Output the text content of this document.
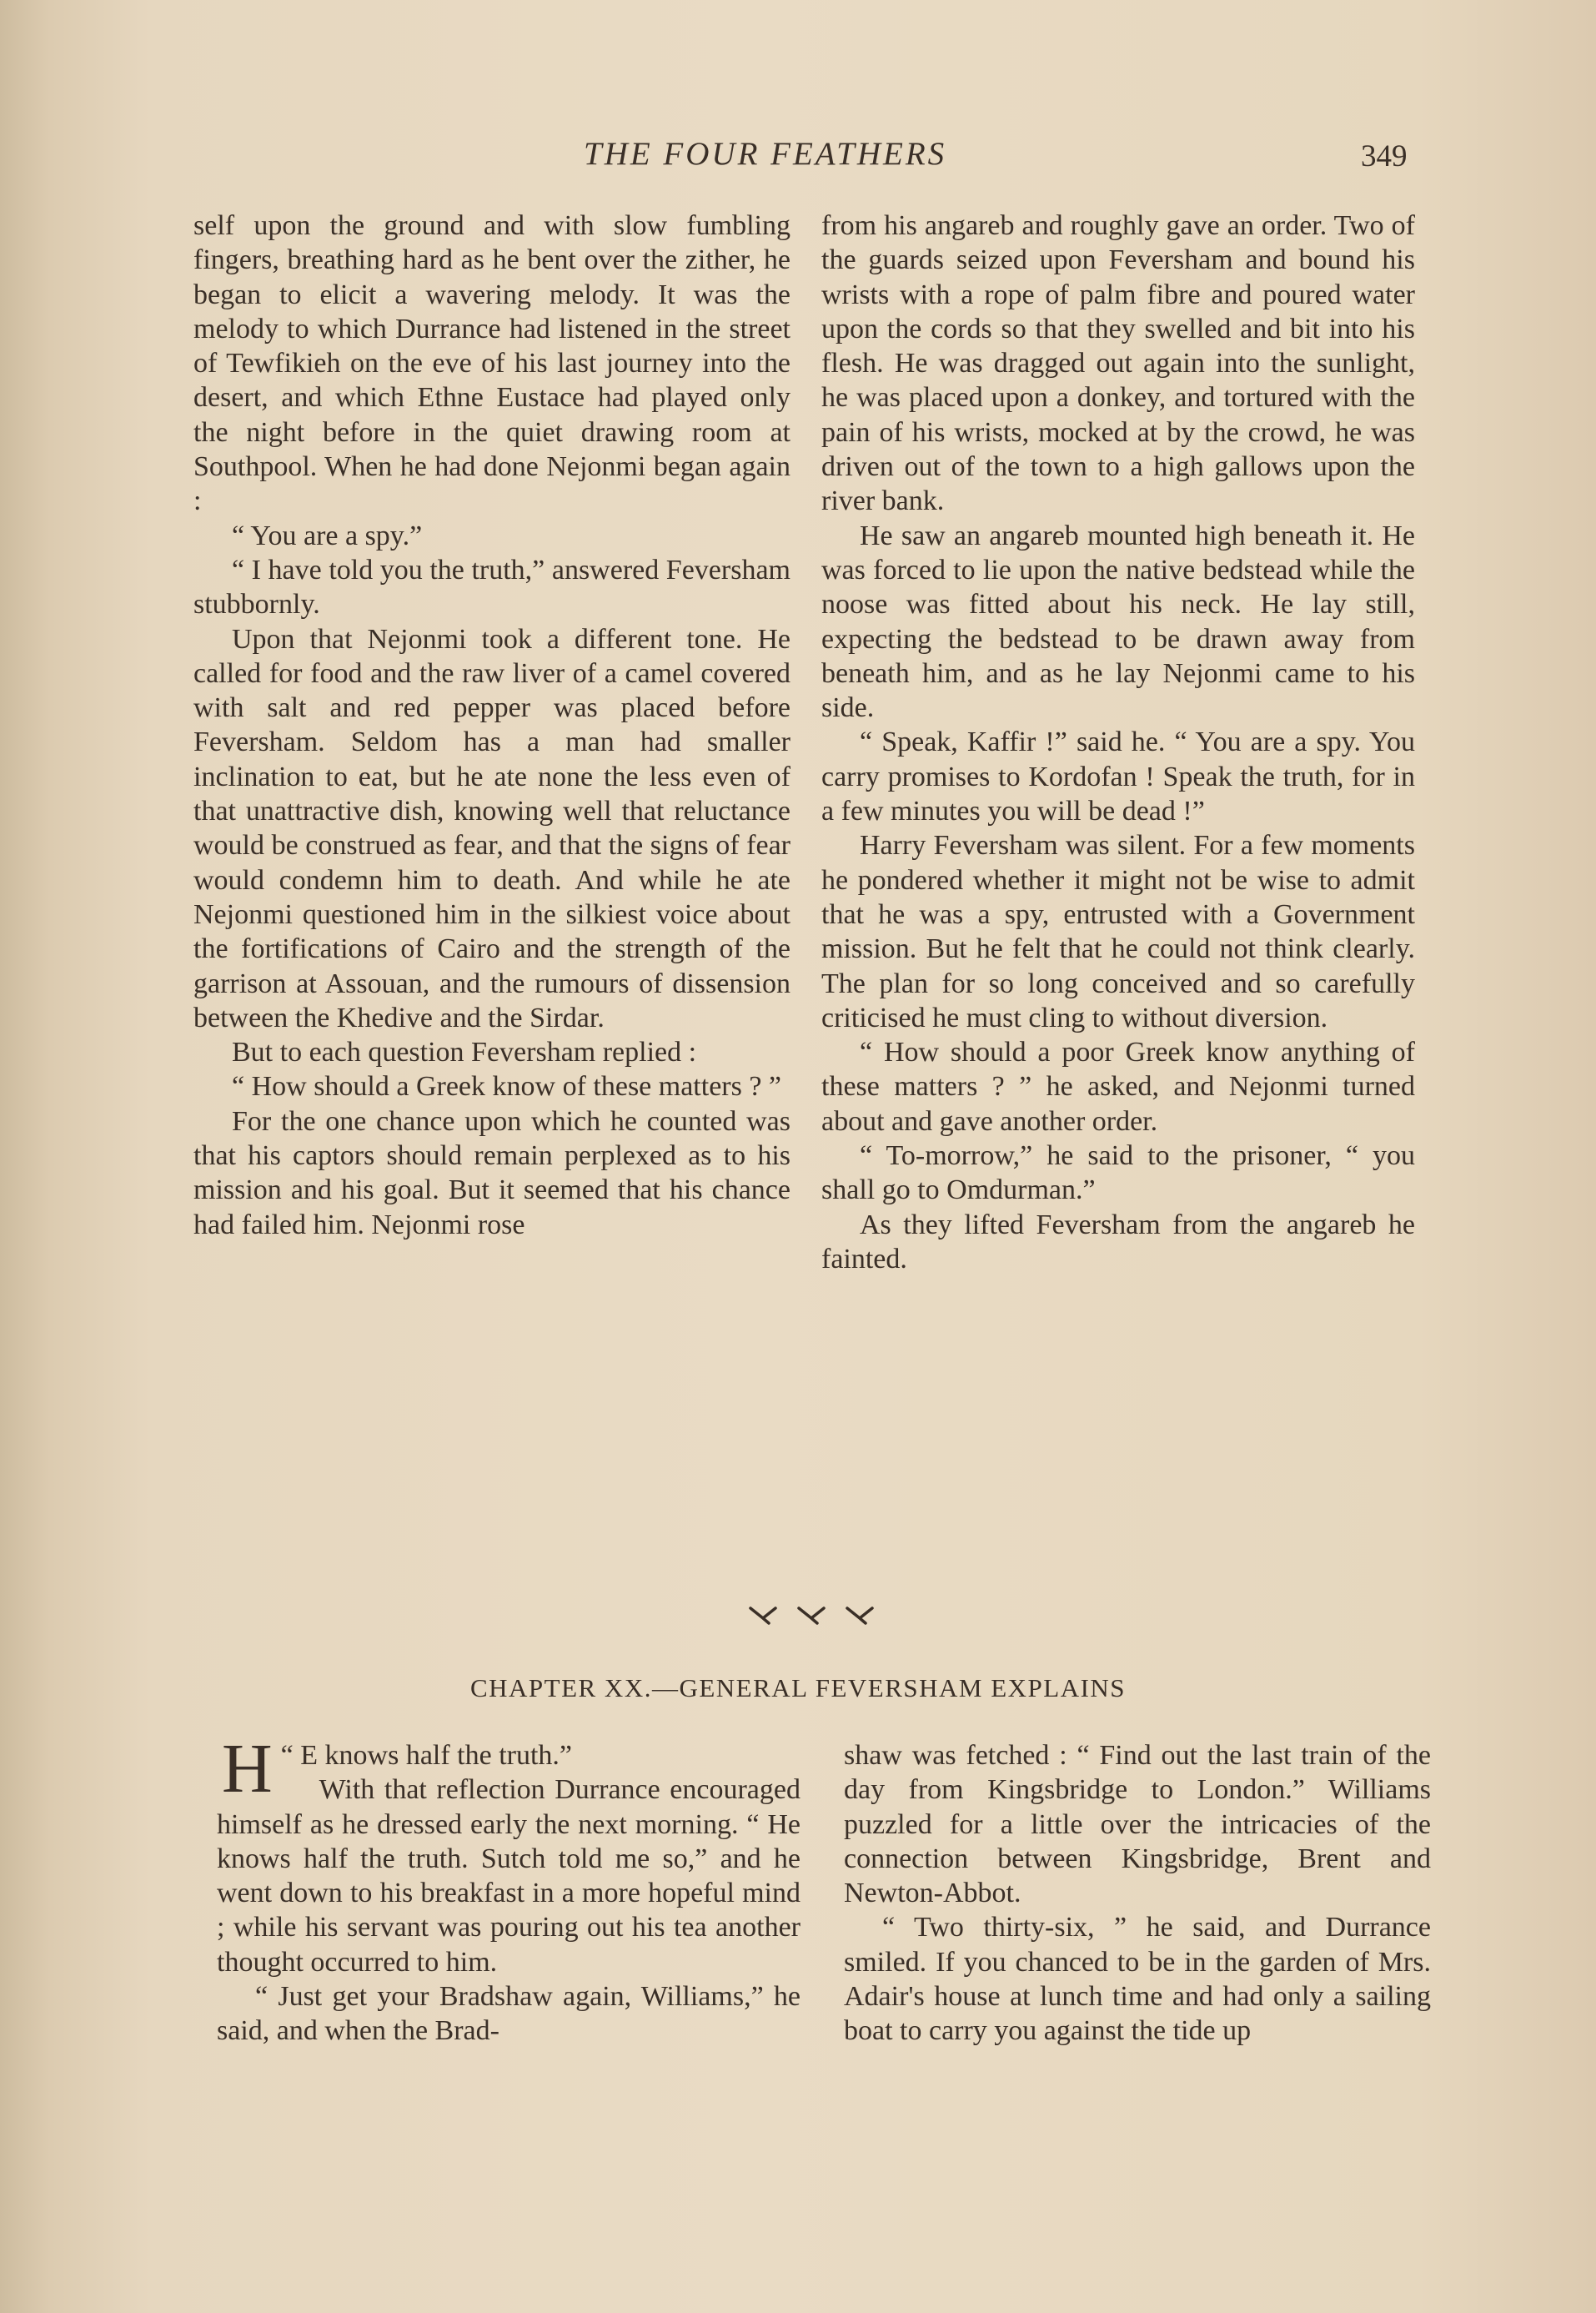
THE FOUR FEATHERS	349

self upon the ground and with slow fumbling fingers, breathing hard as he bent over the zither, he began to elicit a wavering melody. It was the melody to which Durrance had listened in the street of Tewfikieh on the eve of his last journey into the desert, and which Ethne Eustace had played only the night before in the quiet drawing room at Southpool. When he had done Nejonmi began again :

“ You are a spy.”

“ I have told you the truth,” answered Feversham stubbornly.

Upon that Nejonmi took a different tone. He called for food and the raw liver of a camel covered with salt and red pepper was placed before Feversham. Seldom has a man had smaller inclination to eat, but he ate none the less even of that unattractive dish, knowing well that reluctance would be construed as fear, and that the signs of fear would condemn him to death. And while he ate Nejonmi questioned him in the silkiest voice about the fortifications of Cairo and the strength of the garrison at Assouan, and the rumours of dissension between the Khedive and the Sirdar.

But to each question Feversham replied :

“ How should a Greek know of these matters ? ”

For the one chance upon which he counted was that his captors should remain perplexed as to his mission and his goal. But it seemed that his chance had failed him. Nejonmi rose

from his angareb and roughly gave an order. Two of the guards seized upon Feversham and bound his wrists with a rope of palm fibre and poured water upon the cords so that they swelled and bit into his flesh. He was dragged out again into the sunlight, he was placed upon a donkey, and tortured with the pain of his wrists, mocked at by the crowd, he was driven out of the town to a high gallows upon the river bank.

He saw an angareb mounted high beneath it. He was forced to lie upon the native bedstead while the noose was fitted about his neck. He lay still, expecting the bedstead to be drawn away from beneath him, and as he lay Nejonmi came to his side.

“ Speak, Kaffir !” said he. “ You are a spy. You carry promises to Kordofan ! Speak the truth, for in a few minutes you will be dead !”

Harry Feversham was silent. For a few moments he pondered whether it might not be wise to admit that he was a spy, entrusted with a Government mission. But he felt that he could not think clearly. The plan for so long conceived and so carefully criticised he must cling to without diversion.

“ How should a poor Greek know anything of these matters ? ” he asked, and Nejonmi turned about and gave another order.

“ To-morrow,” he said to the prisoner, “ you shall go to Omdurman.”

As they lifted Feversham from the angareb he fainted.

CHAPTER XX.—GENERAL FEVERSHAM EXPLAINS

“
H E knows half the truth.”

With that reflection Durrance encouraged himself as he dressed early the next morning. “ He knows half the truth. Sutch told me so,” and he went down to his breakfast in a more hopeful mind ; while his servant was pouring out his tea another thought occurred to him.

“ Just get your Bradshaw again, Williams,” he said, and when the Brad-

shaw was fetched : “ Find out the last train of the day from Kingsbridge to London.” Williams puzzled for a little over the intricacies of the connection between Kingsbridge, Brent and Newton-Abbot.

“ Two thirty-six, ” he said, and Durrance smiled. If you chanced to be in the garden of Mrs. Adair's house at lunch time and had only a sailing boat to carry you against the tide up
